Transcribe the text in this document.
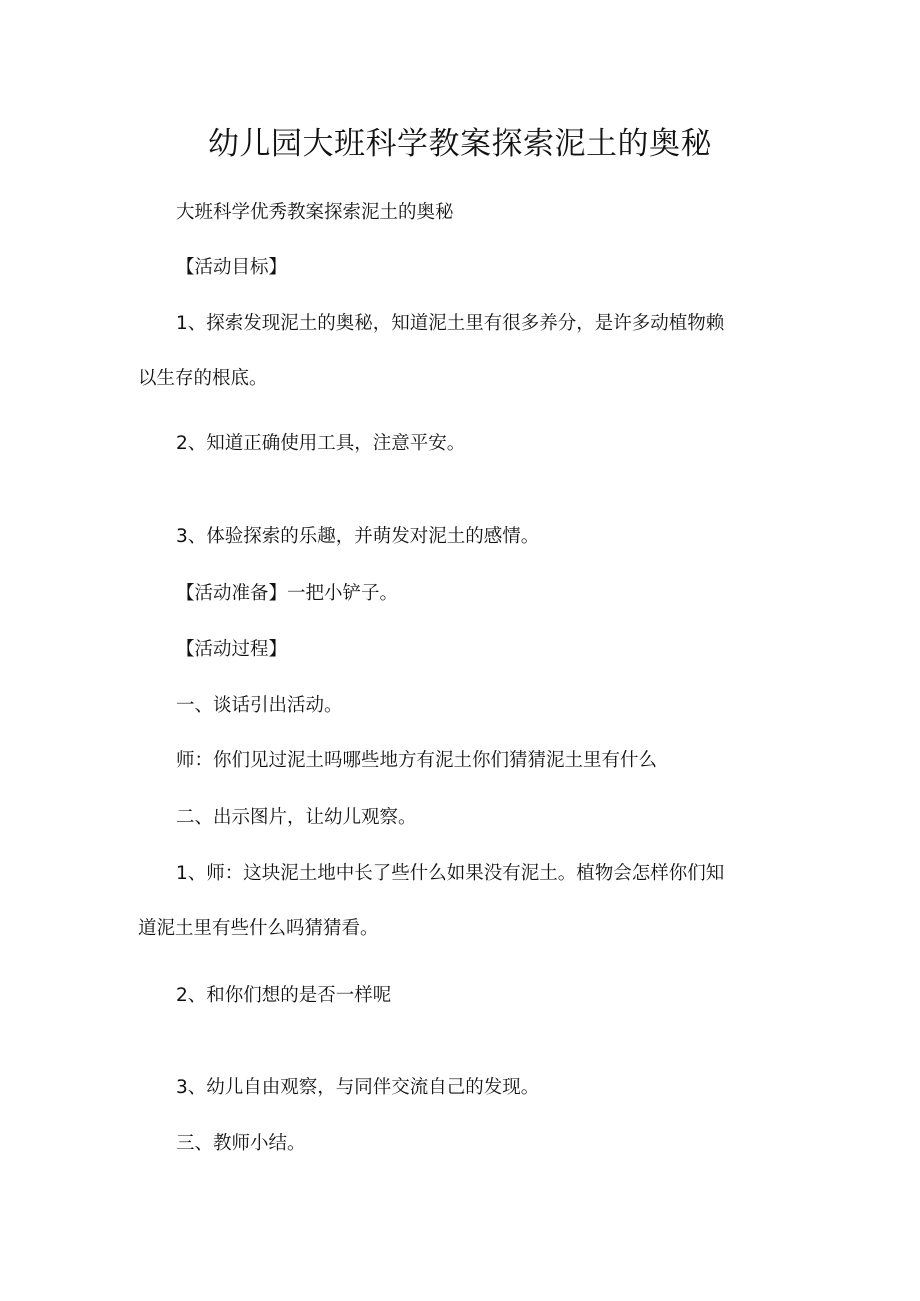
幼儿园大班科学教案探索泥土的奥秘
大班科学优秀教案探索泥土的奥秘
【活动目标】
1、探索发现泥土的奥秘，知道泥土里有很多养分，是许多动植物赖
以生存的根底。
2、知道正确使用工具，注意平安。
3、体验探索的乐趣，并萌发对泥土的感情。
【活动准备】一把小铲子。
【活动过程】
一、谈话引出活动。
师：你们见过泥土吗哪些地方有泥土你们猜猜泥土里有什么
二、出示图片，让幼儿观察。
1、师：这块泥土地中长了些什么如果没有泥土。植物会怎样你们知
道泥土里有些什么吗猜猜看。
2、和你们想的是否一样呢
3、幼儿自由观察，与同伴交流自己的发现。
三、教师小结。
